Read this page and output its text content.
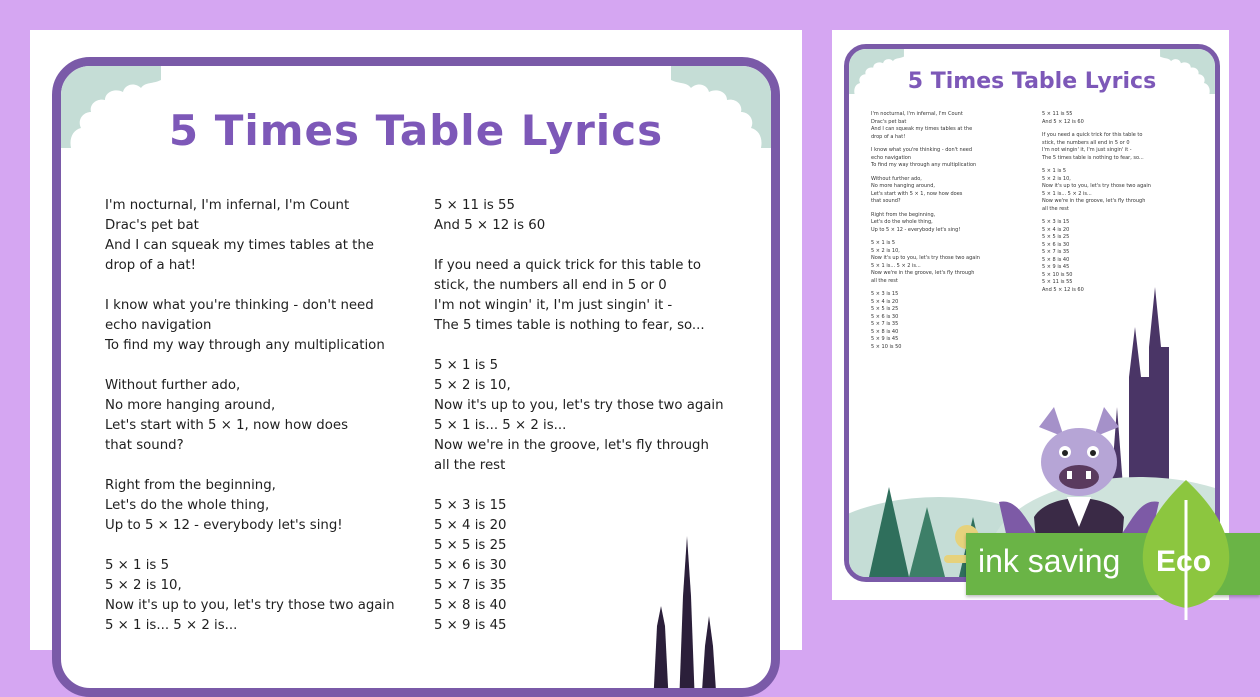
5 Times Table Lyrics
I'm nocturnal, I'm infernal, I'm Count
Drac's pet bat
And I can squeak my times tables at the
drop of a hat!
I know what you're thinking - don't need
echo navigation
To find my way through any multiplication
Without further ado,
No more hanging around,
Let's start with 5 × 1, now how does
that sound?
Right from the beginning,
Let's do the whole thing,
Up to 5 × 12 - everybody let's sing!
5 × 1 is 5
5 × 2 is 10,
Now it's up to you, let's try those two again
5 × 1 is... 5 × 2 is...
5 × 11 is 55
And 5 × 12 is 60
If you need a quick trick for this table to
stick, the numbers all end in 5 or 0
I'm not wingin' it, I'm just singin' it -
The 5 times table is nothing to fear, so...
5 × 1 is 5
5 × 2 is 10,
Now it's up to you, let's try those two again
5 × 1 is... 5 × 2 is...
Now we're in the groove, let's fly through
all the rest
5 × 3 is 15
5 × 4 is 20
5 × 5 is 25
5 × 6 is 30
5 × 7 is 35
5 × 8 is 40
5 × 9 is 45
5 Times Table Lyrics
I'm nocturnal, I'm infernal, I'm Count
Drac's pet bat
And I can squeak my times tables at the
drop of a hat!
I know what you're thinking - don't need
echo navigation
To find my way through any multiplication
Without further ado,
No more hanging around,
Let's start with 5 × 1, now how does
that sound?
Right from the beginning,
Let's do the whole thing,
Up to 5 × 12 - everybody let's sing!
5 × 1 is 5
5 × 2 is 10,
Now it's up to you, let's try those two again
5 × 1 is... 5 × 2 is...
Now we're in the groove, let's fly through
all the rest
5 × 3 is 15
5 × 4 is 20
5 × 5 is 25
5 × 6 is 30
5 × 7 is 35
5 × 8 is 40
5 × 9 is 45
5 × 10 is 50
5 × 11 is 55
And 5 × 12 is 60
If you need a quick trick for this table to
stick, the numbers all end in 5 or 0
I'm not wingin' it, I'm just singin' it -
The 5 times table is nothing to fear, so...
5 × 1 is 5
5 × 2 is 10,
Now it's up to you, let's try those two again
5 × 1 is... 5 × 2 is...
Now we're in the groove, let's fly through
all the rest
5 × 3 is 15
5 × 4 is 20
5 × 5 is 25
5 × 6 is 30
5 × 7 is 35
5 × 8 is 40
5 × 9 is 45
5 × 10 is 50
5 × 11 is 55
And 5 × 12 is 60
ink saving Eco
